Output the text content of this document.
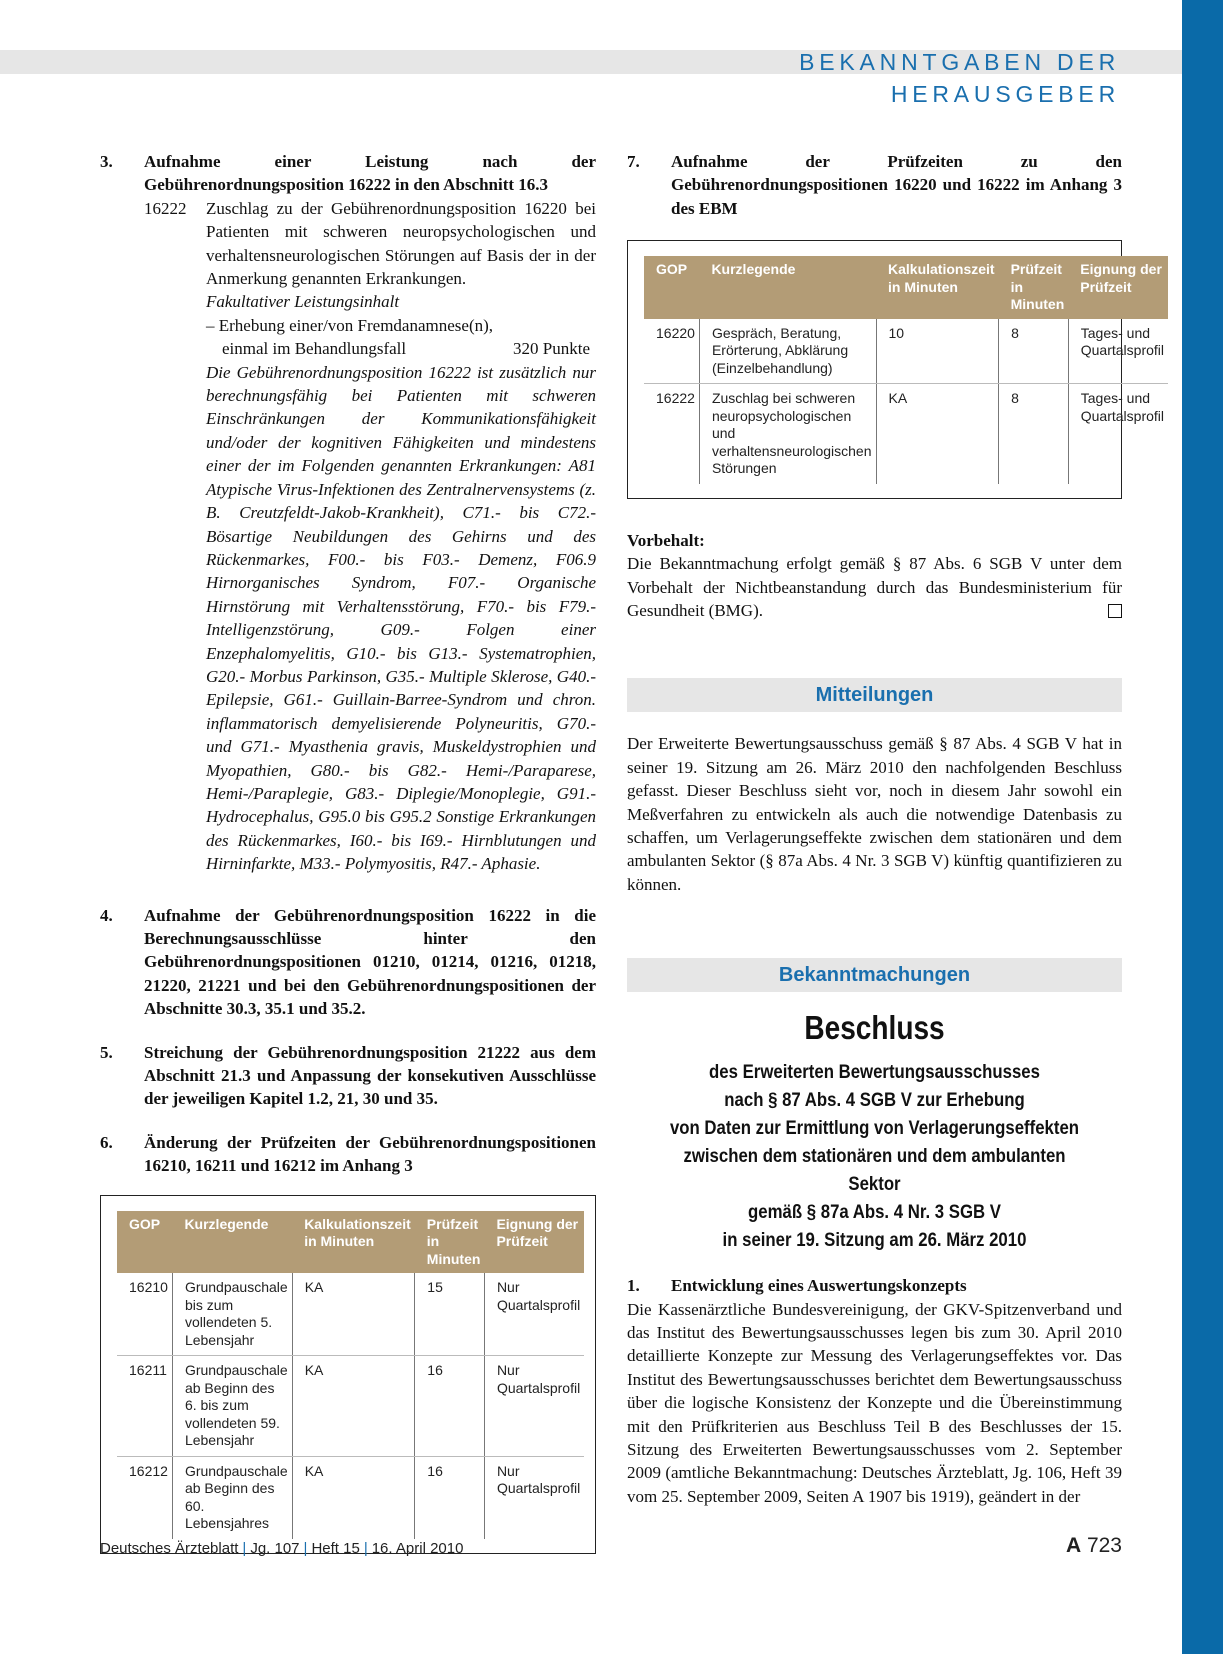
BEKANNTGABEN DER HERAUSGEBER
3.	Aufnahme einer Leistung nach der Gebührenordnungsposition 16222 in den Abschnitt 16.3
16222	Zuschlag zu der Gebührenordnungsposition 16220 bei Patienten mit schweren neuropsychologischen und verhaltensneurologischen Störungen auf Basis der in der Anmerkung genannten Erkrankungen.
Fakultativer Leistungsinhalt
– Erhebung einer/von Fremdanamnese(n),
einmal im Behandlungsfall	320 Punkte
Die Gebührenordnungsposition 16222 ist zusätzlich nur berechnungsfähig bei Patienten mit schweren Einschränkungen der Kommunikationsfähigkeit und/oder der kognitiven Fähigkeiten und mindestens einer der im Folgenden genannten Erkrankungen: A81 Atypische Virus-Infektionen des Zentralnervensystems (z. B. Creutzfeldt-Jakob-Krankheit), C71.- bis C72.- Bösartige Neubildungen des Gehirns und des Rückenmarkes, F00.- bis F03.- Demenz, F06.9 Hirnorganisches Syndrom, F07.- Organische Hirnstörung mit Verhaltensstörung, F70.- bis F79.- Intelligenzstörung, G09.- Folgen einer Enzephalomyelitis, G10.- bis G13.- Systematrophien, G20.- Morbus Parkinson, G35.- Multiple Sklerose, G40.- Epilepsie, G61.- Guillain-Barree-Syndrom und chron. inflammatorisch demyelisierende Polyneuritis, G70.- und G71.- Myasthenia gravis, Muskeldystrophien und Myopathien, G80.- bis G82.- Hemi-/Paraparese, Hemi-/Paraplegie, G83.- Diplegie/Monoplegie, G91.- Hydrocephalus, G95.0 bis G95.2 Sonstige Erkrankungen des Rückenmarkes, I60.- bis I69.- Hirnblutungen und Hirninfarkte, M33.- Polymyositis, R47.- Aphasie.
4.	Aufnahme der Gebührenordnungsposition 16222 in die Berechnungsausschlüsse hinter den Gebührenordnungspositionen 01210, 01214, 01216, 01218, 21220, 21221 und bei den Gebührenordnungspositionen der Abschnitte 30.3, 35.1 und 35.2.
5.	Streichung der Gebührenordnungsposition 21222 aus dem Abschnitt 21.3 und Anpassung der konsekutiven Ausschlüsse der jeweiligen Kapitel 1.2, 21, 30 und 35.
6.	Änderung der Prüfzeiten der Gebührenordnungspositionen 16210, 16211 und 16212 im Anhang 3
GOP	Kurzlegende	Kalkulationszeit in Minuten	Prüfzeit in Minuten	Eignung der Prüfzeit
16210	Grundpauschale bis zum vollendeten 5. Lebensjahr	KA	15	Nur Quartalsprofil
16211	Grundpauschale ab Beginn des 6. bis zum vollendeten 59. Lebensjahr	KA	16	Nur Quartalsprofil
16212	Grundpauschale ab Beginn des 60. Lebensjahres	KA	16	Nur Quartalsprofil
7.	Aufnahme der Prüfzeiten zu den Gebührenordnungspositionen 16220 und 16222 im Anhang 3 des EBM
GOP	Kurzlegende	Kalkulationszeit in Minuten	Prüfzeit in Minuten	Eignung der Prüfzeit
16220	Gespräch, Beratung, Erörterung, Abklärung (Einzelbehandlung)	10	8	Tages- und Quartalsprofil
16222	Zuschlag bei schweren neuropsychologischen und verhaltensneurologischen Störungen	KA	8	Tages- und Quartalsprofil
Vorbehalt:
Die Bekanntmachung erfolgt gemäß § 87 Abs. 6 SGB V unter dem Vorbehalt der Nichtbeanstandung durch das Bundesministerium für Gesundheit (BMG).
Mitteilungen
Der Erweiterte Bewertungsausschuss gemäß § 87 Abs. 4 SGB V hat in seiner 19. Sitzung am 26. März 2010 den nachfolgenden Beschluss gefasst. Dieser Beschluss sieht vor, noch in diesem Jahr sowohl ein Meßverfahren zu entwickeln als auch die notwendige Datenbasis zu schaffen, um Verlagerungseffekte zwischen dem stationären und dem ambulanten Sektor (§ 87a Abs. 4 Nr. 3 SGB V) künftig quantifizieren zu können.
Bekanntmachungen
Beschluss
des Erweiterten Bewertungsausschusses
nach § 87 Abs. 4 SGB V zur Erhebung
von Daten zur Ermittlung von Verlagerungseffekten
zwischen dem stationären und dem ambulanten Sektor
gemäß § 87a Abs. 4 Nr. 3 SGB V
in seiner 19. Sitzung am 26. März 2010
1.	Entwicklung eines Auswertungskonzepts
Die Kassenärztliche Bundesvereinigung, der GKV-Spitzenverband und das Institut des Bewertungsausschusses legen bis zum 30. April 2010 detaillierte Konzepte zur Messung des Verlagerungseffektes vor. Das Institut des Bewertungsausschusses berichtet dem Bewertungsausschuss über die logische Konsistenz der Konzepte und die Übereinstimmung mit den Prüfkriterien aus Beschluss Teil B des Beschlusses der 15. Sitzung des Erweiterten Bewertungsausschusses vom 2. September 2009 (amtliche Bekanntmachung: Deutsches Ärzteblatt, Jg. 106, Heft 39 vom 25. September 2009, Seiten A 1907 bis 1919), geändert in der
Deutsches Ärzteblatt | Jg. 107 | Heft 15 | 16. April 2010	A 723
